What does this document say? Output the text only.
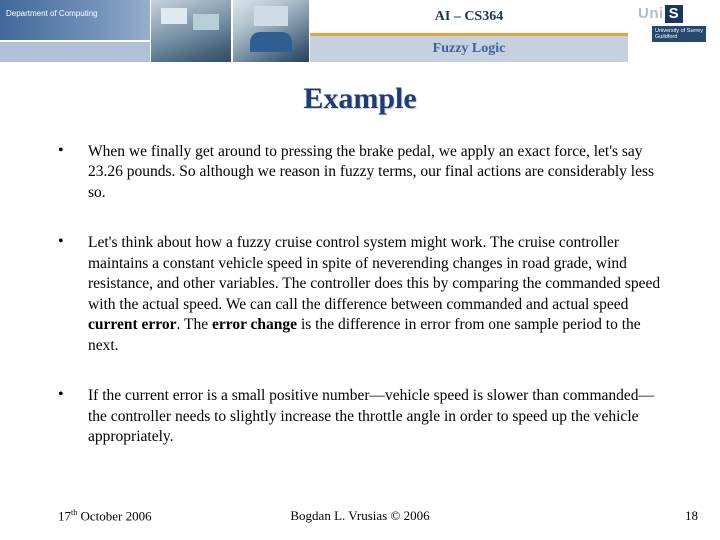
Department of Computing	AI – CS364
Fuzzy Logic
Uni S
University of Surrey
Guildford
Example
•	When we finally get around to pressing the brake pedal, we apply an exact force, let's say 23.26 pounds. So although we reason in fuzzy terms, our final actions are considerably less so.
•	Let's think about how a fuzzy cruise control system might work. The cruise controller maintains a constant vehicle speed in spite of neverending changes in road grade, wind resistance, and other variables. The controller does this by comparing the commanded speed with the actual speed. We can call the difference between commanded and actual speed current error. The error change is the difference in error from one sample period to the next.
•	If the current error is a small positive number—vehicle speed is slower than commanded—the controller needs to slightly increase the throttle angle in order to speed up the vehicle appropriately.
17th October 2006	Bogdan L. Vrusias © 2006	18
